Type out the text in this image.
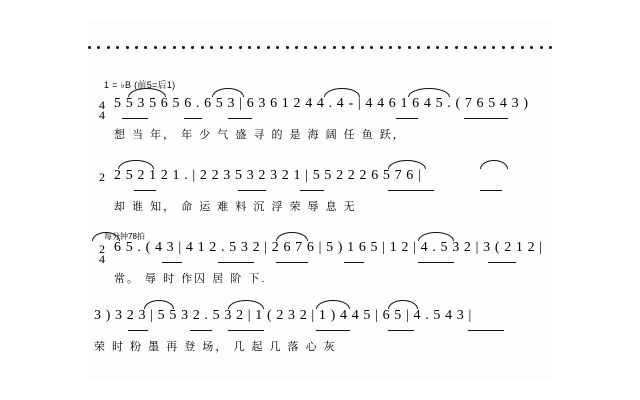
1 = ♭B (前5=后1)
每分钟78拍
4
4
5 5 3 5 6 5 6 . 6 5 3 | 6 3 6 1 2 4 4 . 4 - | 4 4 6 1 6 4 5 . ( 7 6 5 4 3 )
想 当 年， 年 少 气 盛 寻 的 是 海 阔 任 鱼 跃，
2 2 5 2 1 2 1 . | 2 2 3 5 3 2 3 2 1 | 5 5 2 2 2 6 5 7 6 |
却 谁 知， 命 运 难 料 沉 浮 荣 辱 息 无
2
4
6 5 . ( 4 3 | 4 1 2 . 5 3 2 | 2 6 7 6 | 5 ) 1 6 5 | 1 2 | 4 . 5 3 2 | 3 ( 2 1 2 |
常。 辱 时 作囚 居 阶 下.
3 ) 3 2 3 | 5 5 3 2 . 5 3 2 | 1 ( 2 3 2 | 1 ) 4 4 5 | 6 5 | 4 . 5 4 3 |
荣 时 粉 墨 再 登 场， 几 起 几 落 心 灰
